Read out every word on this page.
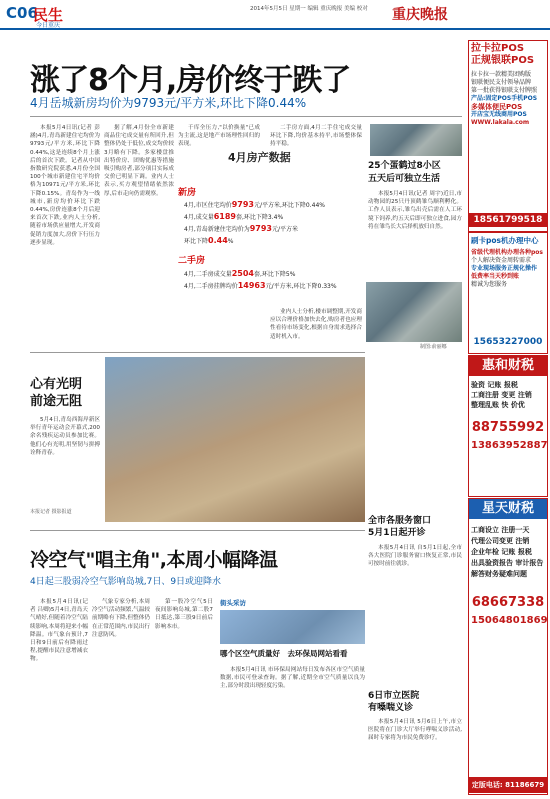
C06
民生
今日重庆
2014年5月5日 星期一 编辑 重庆晚报 美编 校对	重庆晚报
涨了8个月,房价终于跌了
4月岳城新房均价为9793元/平方米,环比下降0.44%

本报5月4日讯(记者 彭涵)4月,青岛新建住宅均价为9793元/平方米,环比下降0.44%,这是连续8个月上涨后的首次下跌。记者从中国指数研究院获悉,4月份全国100个城市新建住宅平均价格为10971元/平方米,环比下降0.15%。青岛作为一线城市,新房均价环比下跌0.44%,房价连涨8个月后迎来首次下跌,业内人士分析,随着市场供应量增大,开发商促销力度加大,房价下行压力逐步显现。

据了解,4月份全市新建商品住宅成交量有所回升,但整体仍处于低位,成交均价较3月略有下降。多家楼盘推出特价房、团购优惠等措施吸引购房者,部分项目实际成交价已明显下调。业内人士表示,买方观望情绪依然浓厚,后市走向仍需观察。

千库全压力,"以价换量"已成为主流,这是地产市场理性回归的表现。

二手房方面,4月二手住宅成交量环比下降,均价基本持平,市场整体保持平稳。

4月房产数据
新房
4月,市区住宅均价9793元/平方米,环比下降0.44%
4月,成交量6189套,环比下降3.4%
4月,青岛新建住宅均价为9793元/平方米
环比下降0.44%
二手房
4月,二手房成交量2504套,环比下降5%
4月,二手房挂牌均价14963元/平方米,环比下降0.33%

业内人士分析,楼市调整期,开发商应以合理价格加快去化,购房者也应理性看待市场变化,根据自身需求选择合适时机入市。

制图:俞丽娜
心有光明
前途无阻

5月4日,青岛西海岸新区举行青年运动会开幕式,200余名残疾运动员参加比赛。他们心有光明,用坚韧与拼搏诠释青春。

本报记者 摄影报道
冷空气"唱主角",本周小幅降温
4日起三股弱冷空气影响岛城,7日、9日或迎降水

本报5月4日讯(记者 吕卿)5月4日,青岛天气晴好,但随着冷空气陆续影响,本周将迎来小幅降温。市气象台预计,7日和9日前后有降雨过程,提醒市民注意增减衣物。

气象专家分析,本周冷空气活动频繁,气温较前期略有下降,但整体仍在正常范围内,市民出行注意防风。

第一股冷空气5日夜间影响岛城,第二股7日抵达,第三股9日前后影响本市。

街头采访
哪个区空气质量好　去环保局网站看看

本报5月4日讯 市环保局网站每日发布各区市空气质量数据,市民可登录查询。据了解,近期全市空气质量以良为主,部分时段出现轻度污染。

25个蛋鹤过8小区
五天后可独立生活

本报5月4日讯(记者 周宇)近日,市动物园的25只丹顶鹤雏鸟顺利孵化。工作人员表示,雏鸟出壳后需在人工环境下饲养,约五天后即可独立进食,园方将在雏鸟长大后择机放归自然。

全市各服务窗口
5月1日起开诊

本报5月4日讯 自5月1日起,全市各大医院门诊服务窗口恢复正常,市民可按时前往就诊。

6日市立医院
有嗓喘义诊

本报5月4日讯 5月6日上午,市立医院将在门诊大厅举行哮喘义诊活动,届时专家将为市民免费诊疗。

拉卡拉POS
正规银联POS
拉卡拉一款精美团购版
银联便民支付领导品牌
第一批获得银联支付牌照
产品:固定POS手机POS
多媒体便民POS
开店宝无线商用POS
WWW.lakala.com
18561799518
刷卡pos机办理中心
省级代理机构办理各种pos
个人解决资金周转需求
专业现场服务正规化操作
低费率当天秒到账
精诚为您服务
15653227000
惠和财税
验资 记账 报税
工商注册 变更 注销
整理乱账 快 价优
88755992
13863952887
星天财税
工商设立 注册一天
代理公司变更 注销
企业年检 记账 报税
出具验资报告 审计报告
解答财务疑难问题
68667338
15064801869
定版电话: 81186679
